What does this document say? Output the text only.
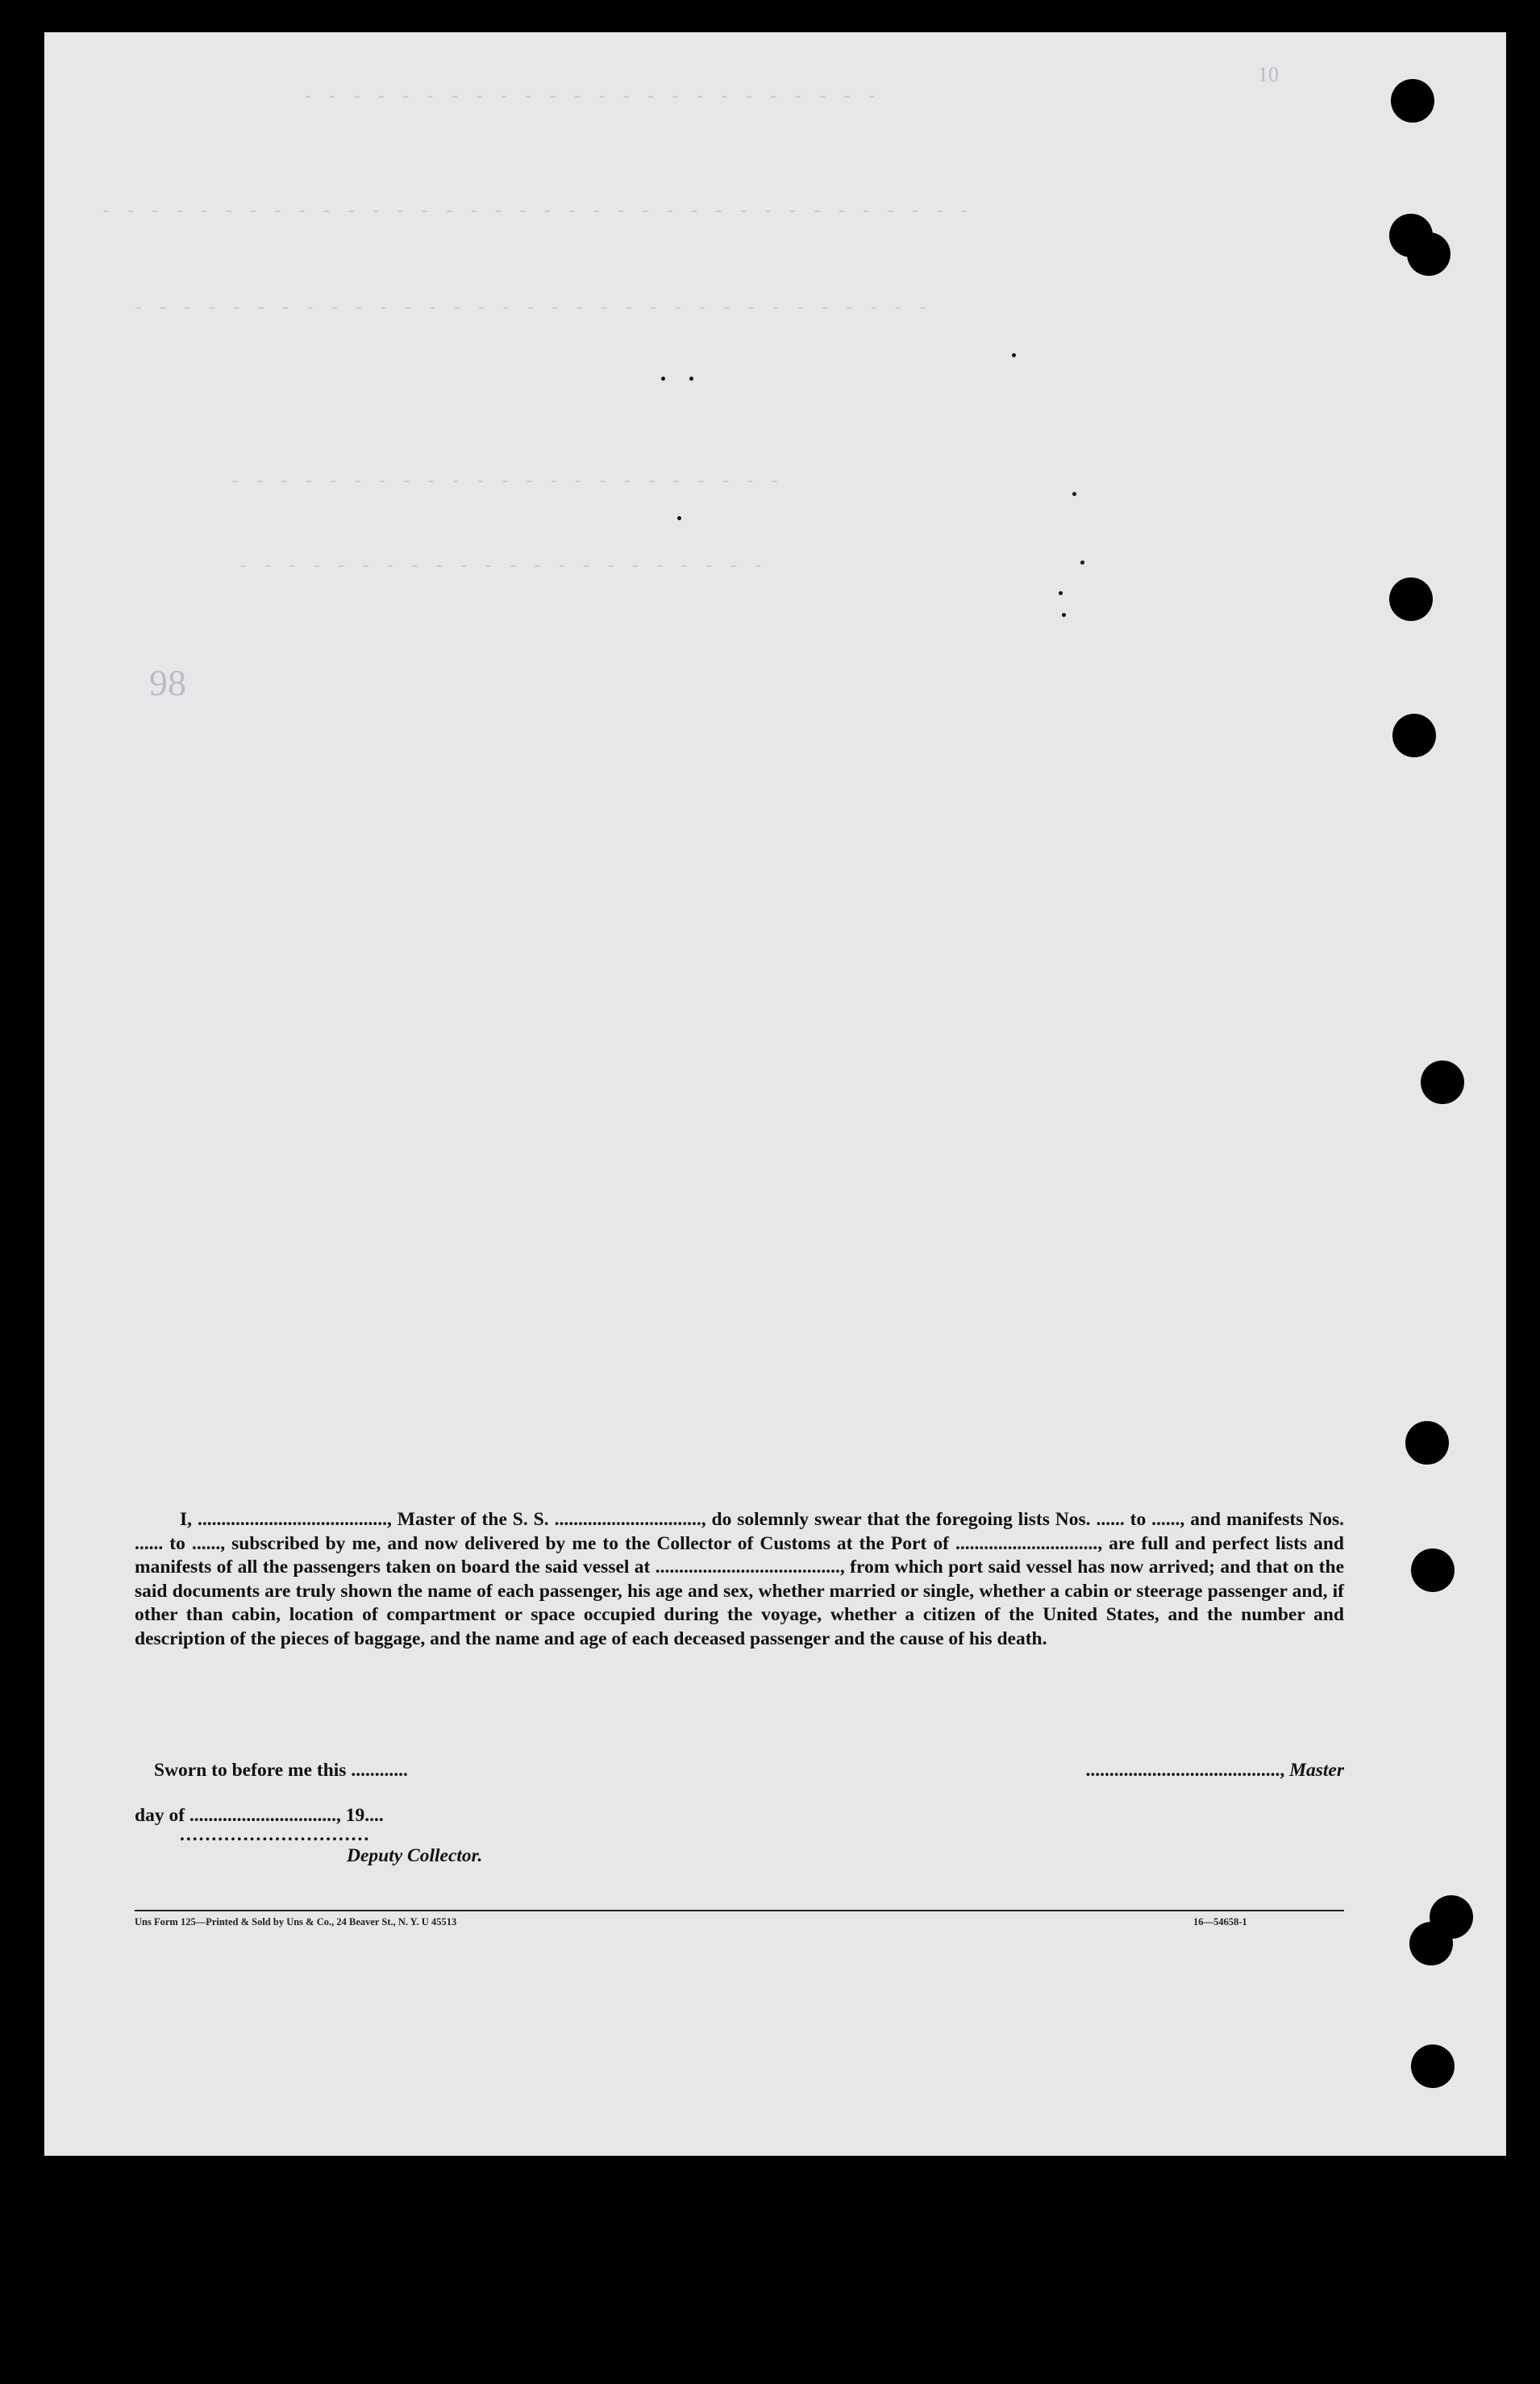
- - - - - - - - - - - - - - - - - - - - - - - -
- - - - - - - - - - - - - - - - - - - - - - - - - - - - - - - - - - - -
- - - - - - - - - - - - - - - - - - - - - - - - - - - - - - - - -
- - - - - - - - - - - - - - - - - - - - - - -
- - - - - - - - - - - - - - - - - - - - - -
10
98

I, ........................................, Master of the S. S. ..............................., do solemnly swear that the foregoing lists Nos. ...... to ......, and manifests Nos. ...... to ......, subscribed by me, and now delivered by me to the Collector of Customs at the Port of .............................., are full and perfect lists and manifests of all the passengers taken on board the said vessel at ......................................., from which port said vessel has now arrived; and that on the said documents are truly shown the name of each passenger, his age and sex, whether married or single, whether a cabin or steerage passenger and, if other than cabin, location of compartment or space occupied during the voyage, whether a citizen of the United States, and the number and description of the pieces of baggage, and the name and age of each deceased passenger and the cause of his death.

Sworn to before me this ............	........................................., Master
day of ..............................., 19....
..............................
Deputy Collector.
Uns Form 125—Printed & Sold by Uns & Co., 24 Beaver St., N. Y. U 45513	16—54658-1
